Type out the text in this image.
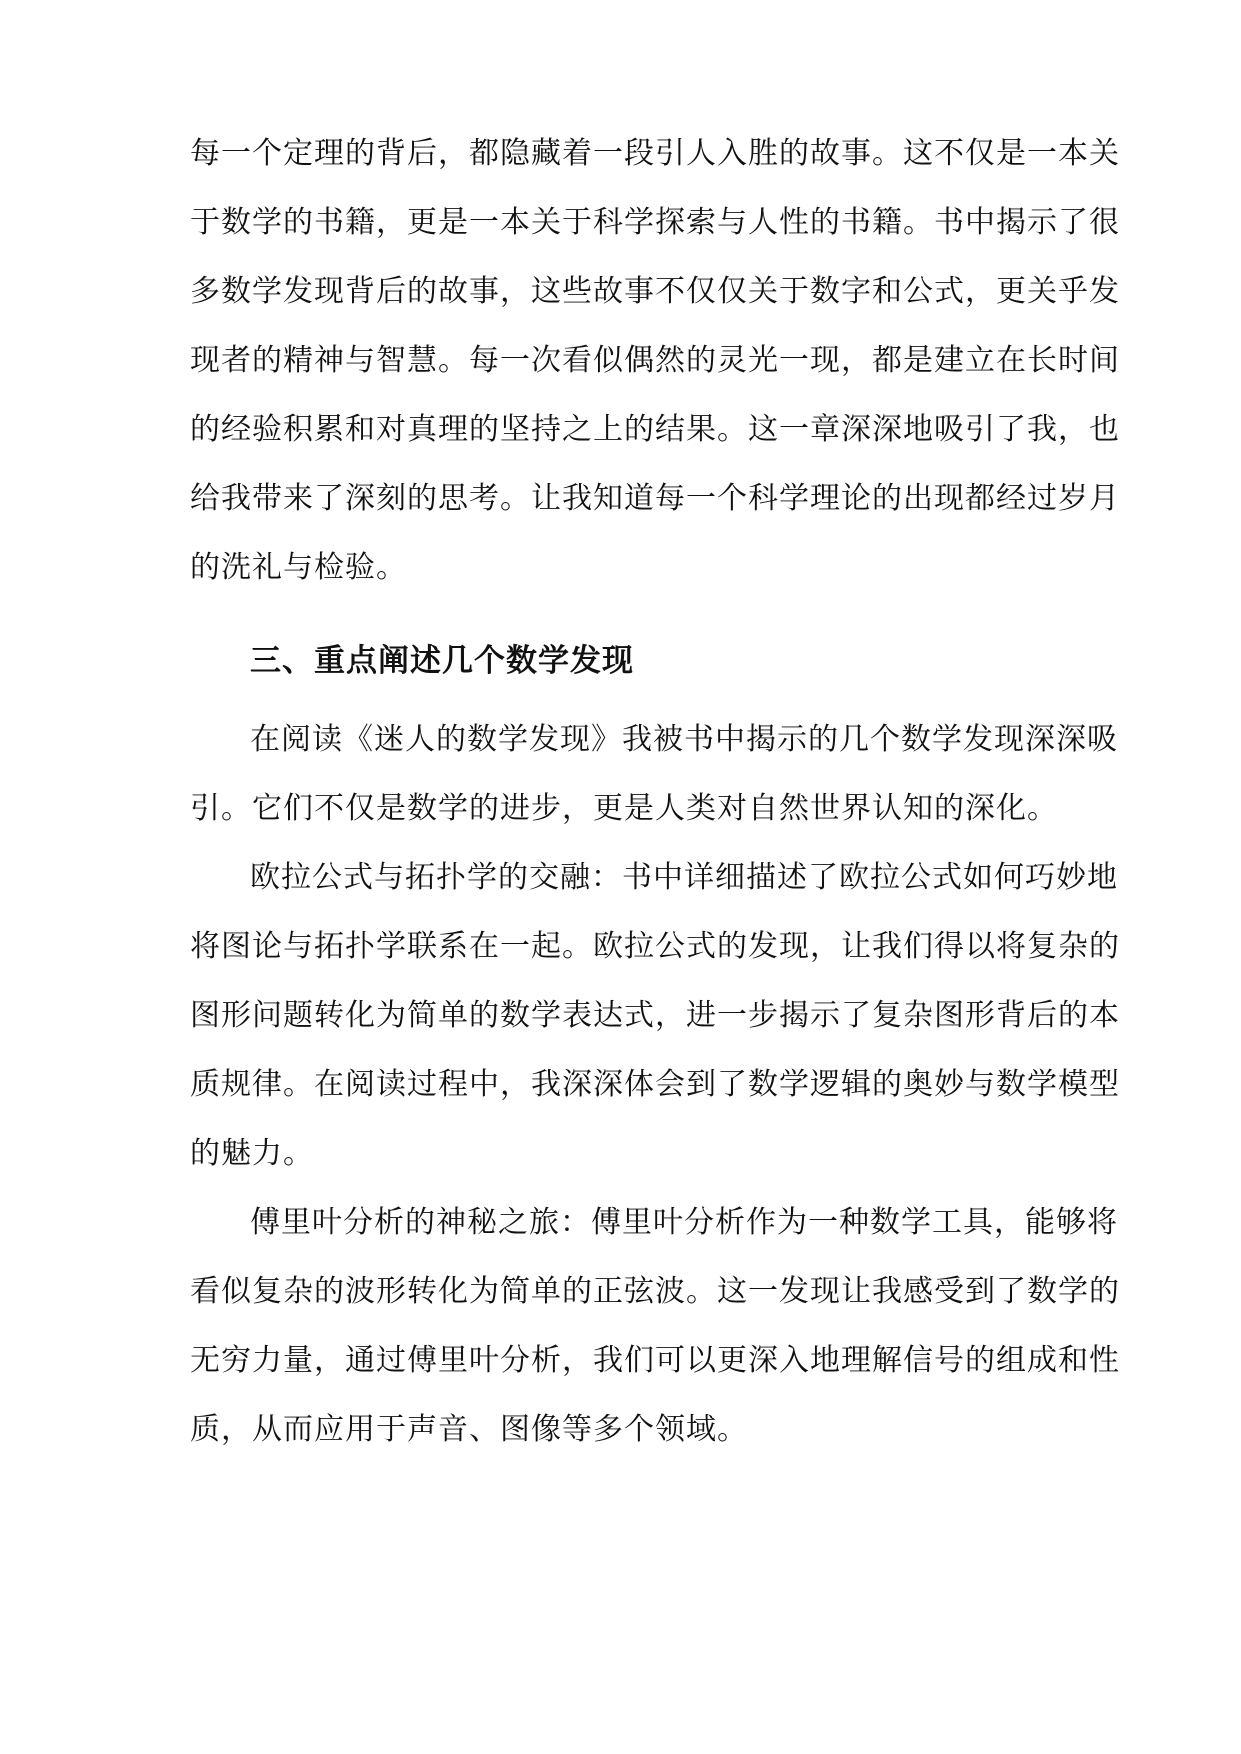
每一个定理的背后，都隐藏着一段引人入胜的故事。这不仅是一本关
于数学的书籍，更是一本关于科学探索与人性的书籍。书中揭示了很
多数学发现背后的故事，这些故事不仅仅关于数字和公式，更关乎发
现者的精神与智慧。每一次看似偶然的灵光一现，都是建立在长时间
的经验积累和对真理的坚持之上的结果。这一章深深地吸引了我，也
给我带来了深刻的思考。让我知道每一个科学理论的出现都经过岁月
的洗礼与检验。
三、重点阐述几个数学发现
在阅读《迷人的数学发现》我被书中揭示的几个数学发现深深吸
引。它们不仅是数学的进步，更是人类对自然世界认知的深化。
欧拉公式与拓扑学的交融：书中详细描述了欧拉公式如何巧妙地
将图论与拓扑学联系在一起。欧拉公式的发现，让我们得以将复杂的
图形问题转化为简单的数学表达式，进一步揭示了复杂图形背后的本
质规律。在阅读过程中，我深深体会到了数学逻辑的奥妙与数学模型
的魅力。
傅里叶分析的神秘之旅：傅里叶分析作为一种数学工具，能够将
看似复杂的波形转化为简单的正弦波。这一发现让我感受到了数学的
无穷力量，通过傅里叶分析，我们可以更深入地理解信号的组成和性
质，从而应用于声音、图像等多个领域。
